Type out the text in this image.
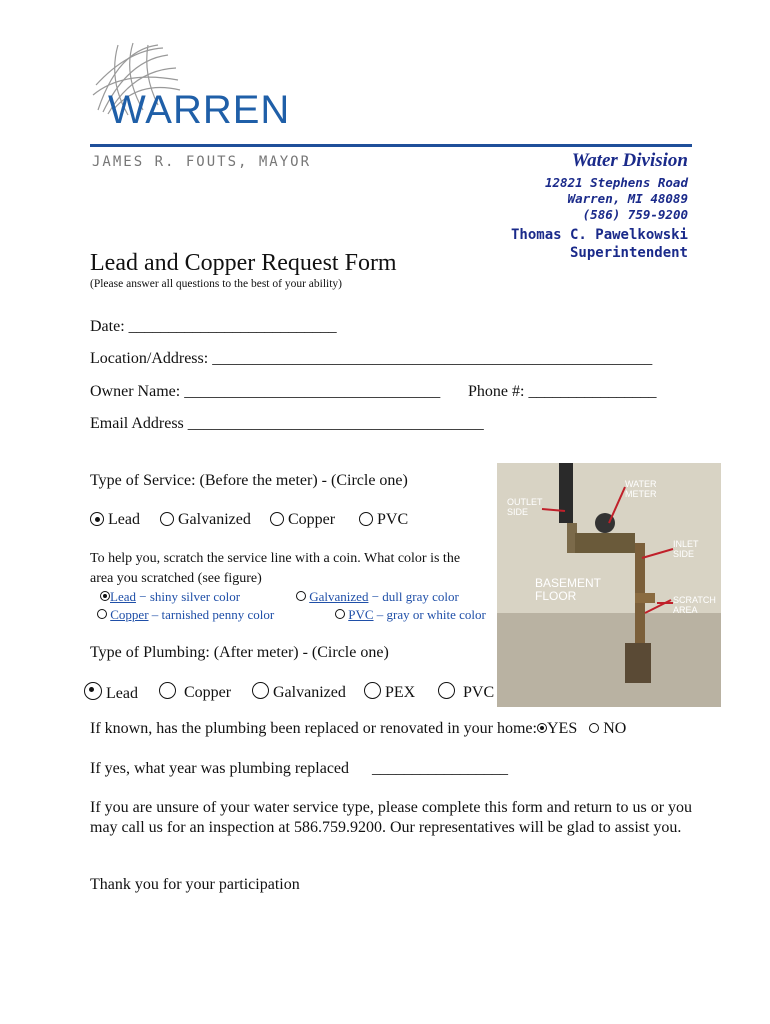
WARREN
JAMES R. FOUTS, MAYOR	Water Division
12821 Stephens Road
Warren, MI 48089
(586) 759-9200
Thomas C. Pawelkowski
Superintendent
Lead and Copper Request Form
(Please answer all questions to the best of your ability)
Date: __________________________
Location/Address: _______________________________________________________
Owner Name: ________________________________ Phone #: ________________
Email Address _____________________________________
Type of Service: (Before the meter) - (Circle one)
Lead	Galvanized	Copper	PVC
To help you, scratch the service line with a coin. What color is the
area you scratched (see figure)
Lead − shiny silver color	Galvanized − dull gray color
Copper – tarnished penny color	PVC – gray or white color
WATER METER
OUTLET SIDE
INLET SIDE
BASEMENT FLOOR	SCRATCH AREA
Type of Plumbing: (After meter) - (Circle one)
Lead	Copper	Galvanized	PEX	PVC
If known, has the plumbing been replaced or renovated in your home: YES NO
If yes, what year was plumbing replaced _________________
If you are unsure of your water service type, please complete this form and return to us or you may call us for an inspection at 586.759.9200. Our representatives will be glad to assist you.
Thank you for your participation
